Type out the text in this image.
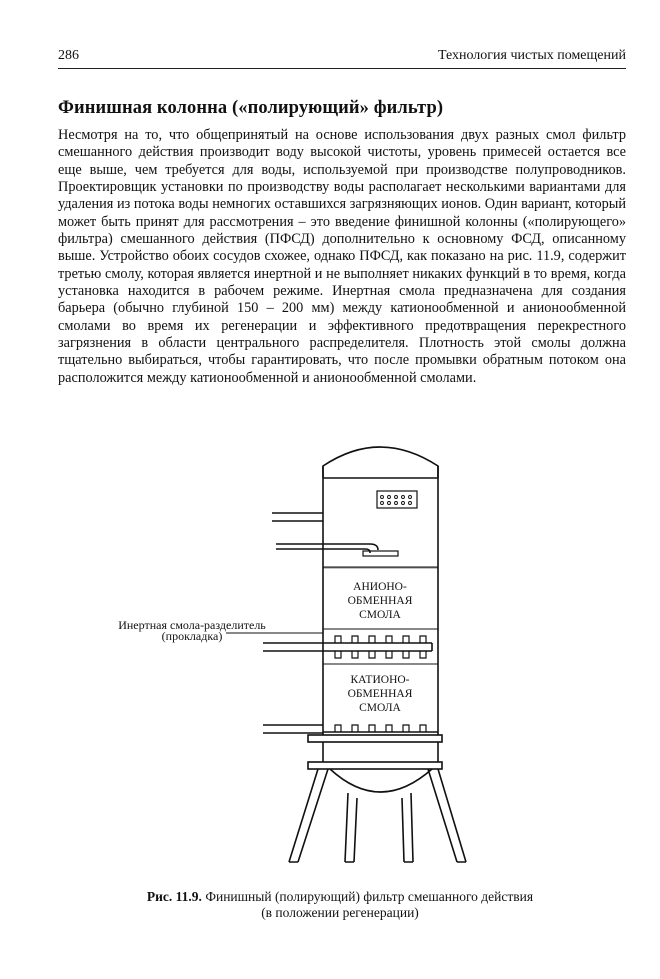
286	Технология чистых помещений
Финишная колонна («полирующий» фильтр)

Несмотря на то, что общепринятый на основе использования двух разных смол фильтр смешанного действия производит воду высокой чистоты, уровень примесей остается все еще выше, чем требуется для воды, используемой при производстве полупроводников. Проектировщик установки по производству воды располагает несколькими вариантами для удаления из потока воды немногих оставшихся загрязняющих ионов. Один вариант, который может быть принят для рассмотрения – это введение финишной колонны («полирующего» фильтра) смешанного действия (ПФСД) дополнительно к основному ФСД, описанному выше. Устройство обоих сосудов схожее, однако ПФСД, как показано на рис. 11.9, содержит третью смолу, которая является инертной и не выполняет никаких функций в то время, когда установка находится в рабочем режиме. Инертная смола предназначена для создания барьера (обычно глубиной 150 – 200 мм) между катионообменной и анионообменной смолами во время их регенерации и эффективного предотвращения перекрестного загрязнения в области центрального распределителя. Плотность этой смолы должна тщательно выбираться, чтобы гарантировать, что после промывки обратным потоком она расположится между катионообменной и анионообменной смолами.

АНИОНО-
ОБМЕННАЯ
СМОЛА
КАТИОНО-
ОБМЕННАЯ
СМОЛА
Инертная смола-разделитель
(прокладка)
Рис. 11.9. Финишный (полирующий) фильтр смешанного действия
(в положении регенерации)
